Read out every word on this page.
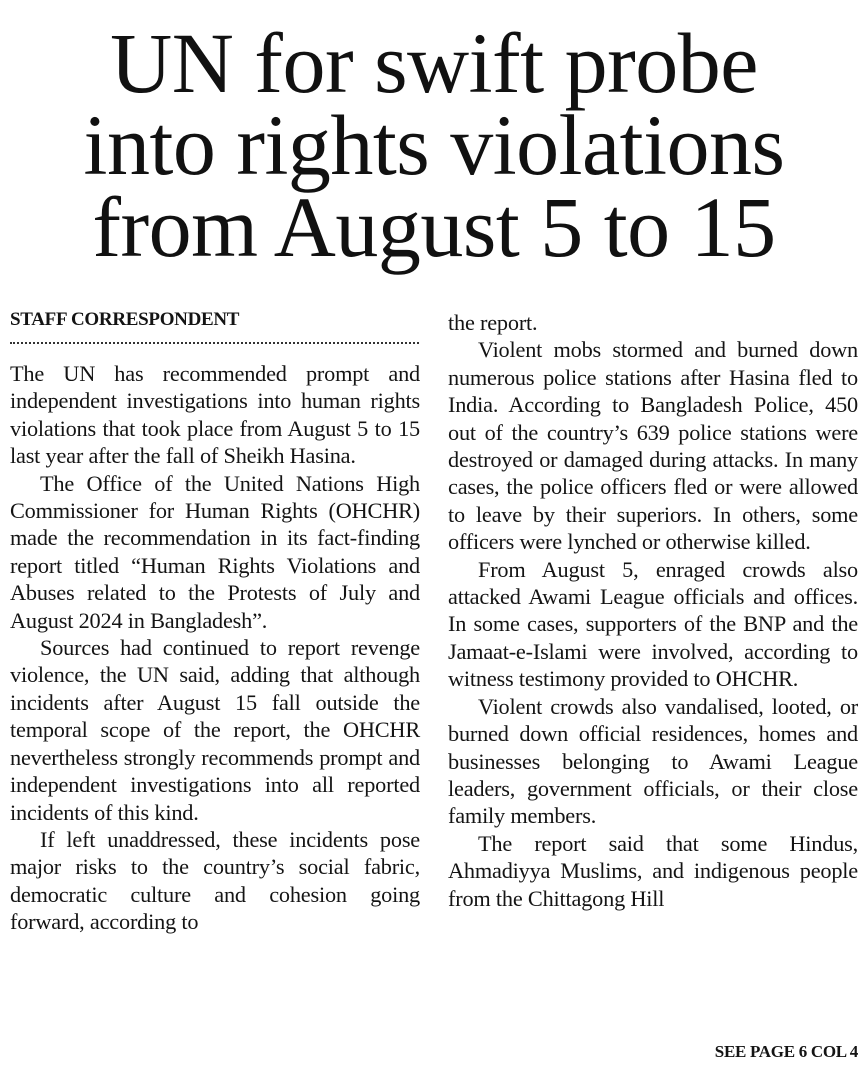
UN for swift probe
into rights violations
from August 5 to 15
STAFF CORRESPONDENT

The UN has recommended prompt and independent investigations into human rights violations that took place from August 5 to 15 last year after the fall of Sheikh Hasina.

The Office of the United Nations High Commissioner for Human Rights (OHCHR) made the recommendation in its fact-finding report titled “Human Rights Violations and Abuses related to the Protests of July and August 2024 in Bangladesh”.

Sources had continued to report revenge violence, the UN said, adding that although incidents after August 15 fall outside the temporal scope of the report, the OHCHR nevertheless strongly recommends prompt and independent investigations into all reported incidents of this kind.

If left unaddressed, these incidents pose major risks to the country’s social fabric, democratic culture and cohesion going forward, according to

the report.

Violent mobs stormed and burned down numerous police stations after Hasina fled to India. According to Bangladesh Police, 450 out of the country’s 639 police stations were destroyed or damaged during attacks. In many cases, the police officers fled or were allowed to leave by their superiors. In others, some officers were lynched or otherwise killed.

From August 5, enraged crowds also attacked Awami League officials and offices. In some cases, supporters of the BNP and the Jamaat-e-Islami were involved, according to witness testimony provided to OHCHR.

Violent crowds also vandalised, looted, or burned down official residences, homes and businesses belonging to Awami League leaders, government officials, or their close family members.

The report said that some Hindus, Ahmadiyya Muslims, and indigenous people from the Chittagong Hill

SEE PAGE 6 COL 4
